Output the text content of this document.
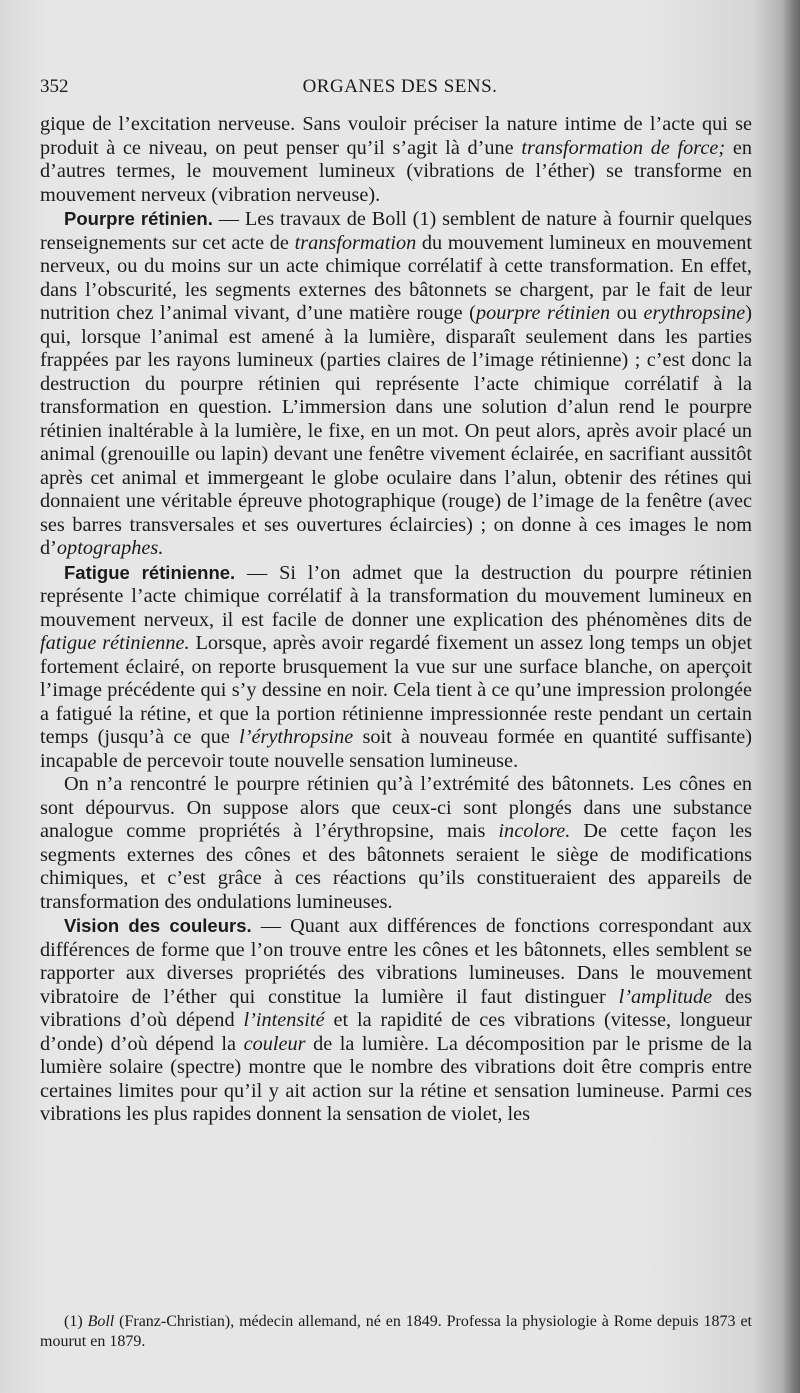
352	ORGANES DES SENS.

gique de l’excitation nerveuse. Sans vouloir préciser la nature intime de l’acte qui se produit à ce niveau, on peut penser qu’il s’agit là d’une transformation de force; en d’autres termes, le mouvement lumineux (vibrations de l’éther) se transforme en mouvement nerveux (vibration nerveuse).

Pourpre rétinien. — Les travaux de Boll (1) semblent de nature à fournir quelques renseignements sur cet acte de transformation du mouvement lumineux en mouvement nerveux, ou du moins sur un acte chimique corrélatif à cette transformation. En effet, dans l’obscurité, les segments externes des bâtonnets se chargent, par le fait de leur nutrition chez l’animal vivant, d’une matière rouge (pourpre rétinien ou erythropsine) qui, lorsque l’animal est amené à la lumière, disparaît seulement dans les parties frappées par les rayons lumineux (parties claires de l’image rétinienne) ; c’est donc la destruction du pourpre rétinien qui représente l’acte chimique corrélatif à la transformation en question. L’immersion dans une solution d’alun rend le pourpre rétinien inaltérable à la lumière, le fixe, en un mot. On peut alors, après avoir placé un animal (grenouille ou lapin) devant une fenêtre vivement éclairée, en sacrifiant aussitôt après cet animal et immergeant le globe oculaire dans l’alun, obtenir des rétines qui donnaient une véritable épreuve photographique (rouge) de l’image de la fenêtre (avec ses barres transversales et ses ouvertures éclaircies) ; on donne à ces images le nom d’optographes.

Fatigue rétinienne. — Si l’on admet que la destruction du pourpre rétinien représente l’acte chimique corrélatif à la transformation du mouvement lumineux en mouvement nerveux, il est facile de donner une explication des phénomènes dits de fatigue rétinienne. Lorsque, après avoir regardé fixement un assez long temps un objet fortement éclairé, on reporte brusquement la vue sur une surface blanche, on aperçoit l’image précédente qui s’y dessine en noir. Cela tient à ce qu’une impression prolongée a fatigué la rétine, et que la portion rétinienne impressionnée reste pendant un certain temps (jusqu’à ce que l’érythropsine soit à nouveau formée en quantité suffisante) incapable de percevoir toute nouvelle sensation lumineuse.

On n’a rencontré le pourpre rétinien qu’à l’extrémité des bâtonnets. Les cônes en sont dépourvus. On suppose alors que ceux-ci sont plongés dans une substance analogue comme propriétés à l’érythropsine, mais incolore. De cette façon les segments externes des cônes et des bâtonnets seraient le siège de modifications chimiques, et c’est grâce à ces réactions qu’ils constitueraient des appareils de transformation des ondulations lumineuses.

Vision des couleurs. — Quant aux différences de fonctions correspondant aux différences de forme que l’on trouve entre les cônes et les bâtonnets, elles semblent se rapporter aux diverses propriétés des vibrations lumineuses. Dans le mouvement vibratoire de l’éther qui constitue la lumière il faut distinguer l’amplitude des vibrations d’où dépend l’intensité et la rapidité de ces vibrations (vitesse, longueur d’onde) d’où dépend la couleur de la lumière. La décomposition par le prisme de la lumière solaire (spectre) montre que le nombre des vibrations doit être compris entre certaines limites pour qu’il y ait action sur la rétine et sensation lumineuse. Parmi ces vibrations les plus rapides donnent la sensation de violet, les

(1) Boll (Franz-Christian), médecin allemand, né en 1849. Professa la physiologie à Rome depuis 1873 et mourut en 1879.
